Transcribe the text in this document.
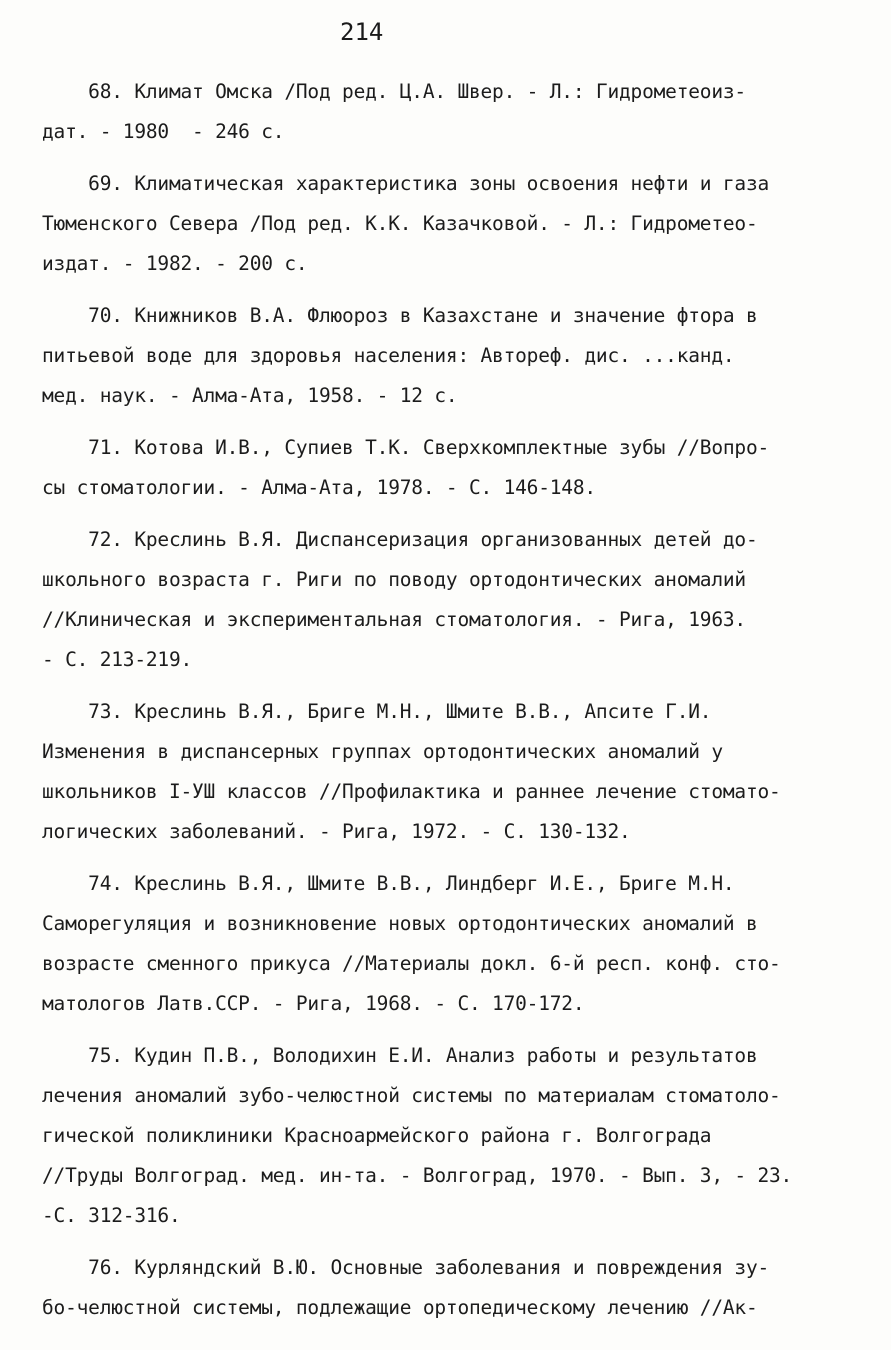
214
68. Климат Омска /Под ред. Ц.А. Швер. - Л.: Гидрометеоиз-
дат. - 1980  - 246 с.
69. Климатическая характеристика зоны освоения нефти и газа
Тюменского Севера /Под ред. К.К. Казачковой. - Л.: Гидрометео-
издат. - 1982. - 200 с.
70. Книжников В.А. Флюороз в Казахстане и значение фтора в
питьевой воде для здоровья населения: Автореф. дис. ...канд.
мед. наук. - Алма-Ата, 1958. - 12 с.
71. Котова И.В., Супиев Т.К. Сверхкомплектные зубы //Вопро-
сы стоматологии. - Алма-Ата, 1978. - С. 146-148.
72. Креслинь В.Я. Диспансеризация организованных детей до-
школьного возраста г. Риги по поводу ортодонтических аномалий
//Клиническая и экспериментальная стоматология. - Рига, 1963.
- С. 213-219.
73. Креслинь В.Я., Бриге М.Н., Шмите В.В., Апсите Г.И.
Изменения в диспансерных группах ортодонтических аномалий у
школьников I-УШ классов //Профилактика и раннее лечение стомато-
логических заболеваний. - Рига, 1972. - С. 130-132.
74. Креслинь В.Я., Шмите В.В., Линдберг И.Е., Бриге М.Н.
Саморегуляция и возникновение новых ортодонтических аномалий в
возрасте сменного прикуса //Материалы докл. 6-й респ. конф. сто-
матологов Латв.ССР. - Рига, 1968. - С. 170-172.
75. Кудин П.В., Володихин Е.И. Анализ работы и результатов
лечения аномалий зубо-челюстной системы по материалам стоматоло-
гической поликлиники Красноармейского района г. Волгограда
//Труды Волгоград. мед. ин-та. - Волгоград, 1970. - Вып. 3, - 23.
-С. 312-316.
76. Курляндский В.Ю. Основные заболевания и повреждения зу-
бо-челюстной системы, подлежащие ортопедическому лечению //Ак-
